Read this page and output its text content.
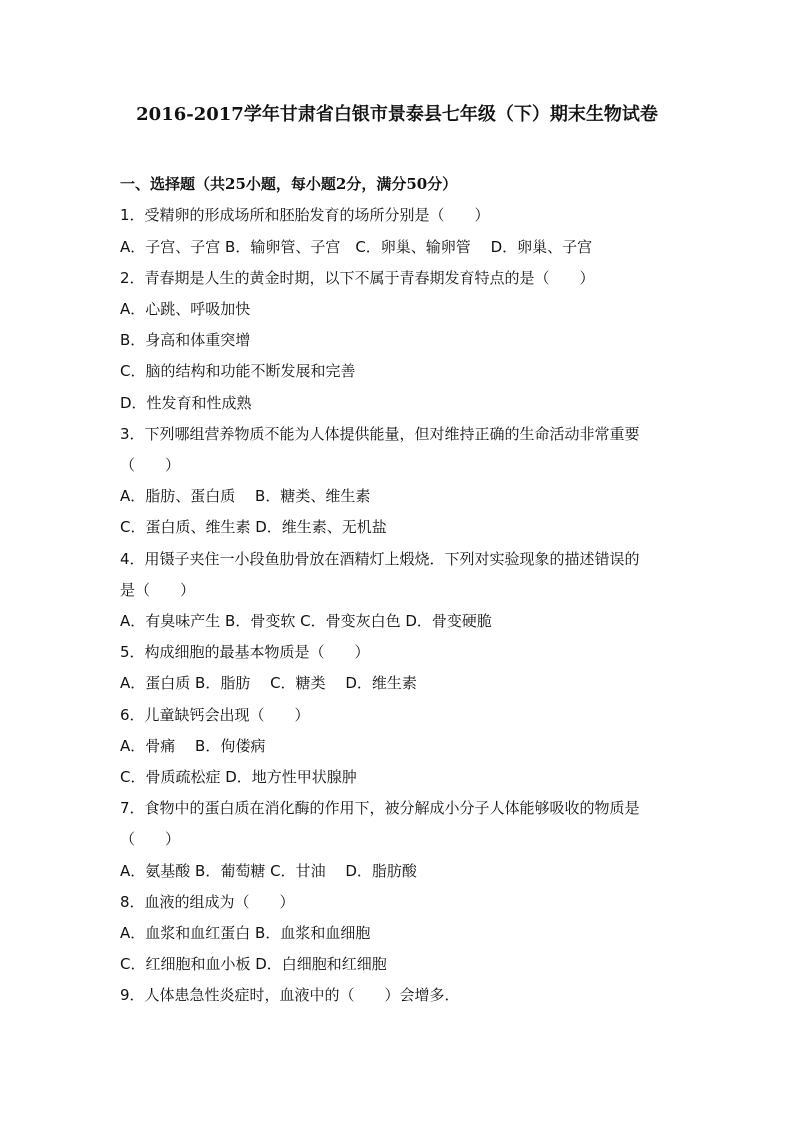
2016-2017学年甘肃省白银市景泰县七年级（下）期末生物试卷
一、选择题（共25小题，每小题2分，满分50分）
1．受精卵的形成场所和胚胎发育的场所分别是（　　）
A．子宫、子宫 B．输卵管、子宫　C．卵巢、输卵管　 D．卵巢、子宫
2．青春期是人生的黄金时期，以下不属于青春期发育特点的是（　　）
A．心跳、呼吸加快
B．身高和体重突增
C．脑的结构和功能不断发展和完善
D．性发育和性成熟
3．下列哪组营养物质不能为人体提供能量，但对维持正确的生命活动非常重要
（　　）
A．脂肪、蛋白质　 B．糖类、维生素
C．蛋白质、维生素 D．维生素、无机盐
4．用镊子夹住一小段鱼肋骨放在酒精灯上煅烧．下列对实验现象的描述错误的
是（　　）
A．有臭味产生 B．骨变软 C．骨变灰白色 D．骨变硬脆
5．构成细胞的最基本物质是（　　）
A．蛋白质 B．脂肪　 C．糖类　 D．维生素
6．儿童缺钙会出现（　　）
A．骨痛　 B．佝偻病
C．骨质疏松症 D．地方性甲状腺肿
7．食物中的蛋白质在消化酶的作用下，被分解成小分子人体能够吸收的物质是
（　　）
A．氨基酸 B．葡萄糖 C．甘油　 D．脂肪酸
8．血液的组成为（　　）
A．血浆和血红蛋白 B．血浆和血细胞
C．红细胞和血小板 D．白细胞和红细胞
9．人体患急性炎症时，血液中的（　　）会增多．
